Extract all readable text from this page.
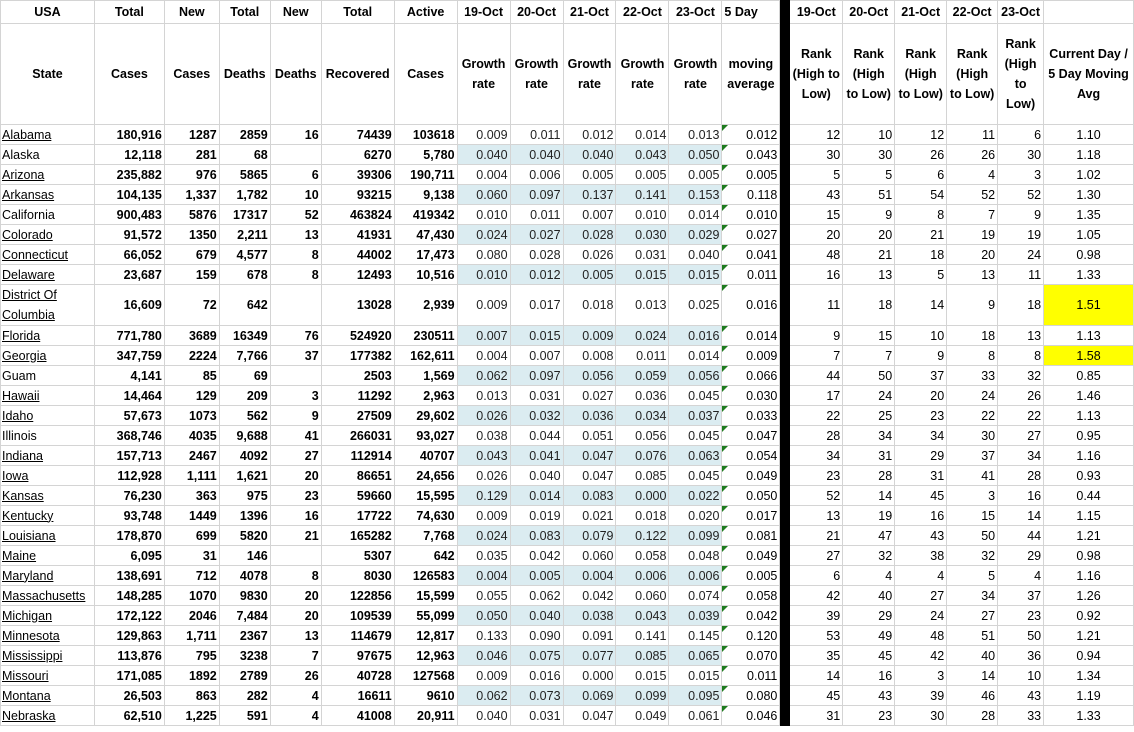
USA	Total	New	Total	New	Total	Active	19-Oct	20-Oct	21-Oct	22-Oct	23-Oct	5 Day		19-Oct	20-Oct	21-Oct	22-Oct	23-Oct	
State	Cases	Cases	Deaths	Deaths	Recovered	Cases	Growth rate	Growth rate	Growth rate	Growth rate	Growth rate	moving average		Rank (High to Low)	Rank (High to Low)	Rank (High to Low)	Rank (High to Low)	Rank (High to Low)	Current Day / 5 Day Moving Avg
Alabama	180,916	1287	2859	16	74439	103618	0.009	0.011	0.012	0.014	0.013	0.012		12	10	12	11	6	1.10
Alaska	12,118	281	68		6270	5,780	0.040	0.040	0.040	0.043	0.050	0.043		30	30	26	26	30	1.18
Arizona	235,882	976	5865	6	39306	190,711	0.004	0.006	0.005	0.005	0.005	0.005		5	5	6	4	3	1.02
Arkansas	104,135	1,337	1,782	10	93215	9,138	0.060	0.097	0.137	0.141	0.153	0.118		43	51	54	52	52	1.30
California	900,483	5876	17317	52	463824	419342	0.010	0.011	0.007	0.010	0.014	0.010		15	9	8	7	9	1.35
Colorado	91,572	1350	2,211	13	41931	47,430	0.024	0.027	0.028	0.030	0.029	0.027		20	20	21	19	19	1.05
Connecticut	66,052	679	4,577	8	44002	17,473	0.080	0.028	0.026	0.031	0.040	0.041		48	21	18	20	24	0.98
Delaware	23,687	159	678	8	12493	10,516	0.010	0.012	0.005	0.015	0.015	0.011		16	13	5	13	11	1.33
District Of Columbia	16,609	72	642		13028	2,939	0.009	0.017	0.018	0.013	0.025	0.016		11	18	14	9	18	1.51
Florida	771,780	3689	16349	76	524920	230511	0.007	0.015	0.009	0.024	0.016	0.014		9	15	10	18	13	1.13
Georgia	347,759	2224	7,766	37	177382	162,611	0.004	0.007	0.008	0.011	0.014	0.009		7	7	9	8	8	1.58
Guam	4,141	85	69		2503	1,569	0.062	0.097	0.056	0.059	0.056	0.066		44	50	37	33	32	0.85
Hawaii	14,464	129	209	3	11292	2,963	0.013	0.031	0.027	0.036	0.045	0.030		17	24	20	24	26	1.46
Idaho	57,673	1073	562	9	27509	29,602	0.026	0.032	0.036	0.034	0.037	0.033		22	25	23	22	22	1.13
Illinois	368,746	4035	9,688	41	266031	93,027	0.038	0.044	0.051	0.056	0.045	0.047		28	34	34	30	27	0.95
Indiana	157,713	2467	4092	27	112914	40707	0.043	0.041	0.047	0.076	0.063	0.054		34	31	29	37	34	1.16
Iowa	112,928	1,111	1,621	20	86651	24,656	0.026	0.040	0.047	0.085	0.045	0.049		23	28	31	41	28	0.93
Kansas	76,230	363	975	23	59660	15,595	0.129	0.014	0.083	0.000	0.022	0.050		52	14	45	3	16	0.44
Kentucky	93,748	1449	1396	16	17722	74,630	0.009	0.019	0.021	0.018	0.020	0.017		13	19	16	15	14	1.15
Louisiana	178,870	699	5820	21	165282	7,768	0.024	0.083	0.079	0.122	0.099	0.081		21	47	43	50	44	1.21
Maine	6,095	31	146		5307	642	0.035	0.042	0.060	0.058	0.048	0.049		27	32	38	32	29	0.98
Maryland	138,691	712	4078	8	8030	126583	0.004	0.005	0.004	0.006	0.006	0.005		6	4	4	5	4	1.16
Massachusetts	148,285	1070	9830	20	122856	15,599	0.055	0.062	0.042	0.060	0.074	0.058		42	40	27	34	37	1.26
Michigan	172,122	2046	7,484	20	109539	55,099	0.050	0.040	0.038	0.043	0.039	0.042		39	29	24	27	23	0.92
Minnesota	129,863	1,711	2367	13	114679	12,817	0.133	0.090	0.091	0.141	0.145	0.120		53	49	48	51	50	1.21
Mississippi	113,876	795	3238	7	97675	12,963	0.046	0.075	0.077	0.085	0.065	0.070		35	45	42	40	36	0.94
Missouri	171,085	1892	2789	26	40728	127568	0.009	0.016	0.000	0.015	0.015	0.011		14	16	3	14	10	1.34
Montana	26,503	863	282	4	16611	9610	0.062	0.073	0.069	0.099	0.095	0.080		45	43	39	46	43	1.19
Nebraska	62,510	1,225	591	4	41008	20,911	0.040	0.031	0.047	0.049	0.061	0.046		31	23	30	28	33	1.33
